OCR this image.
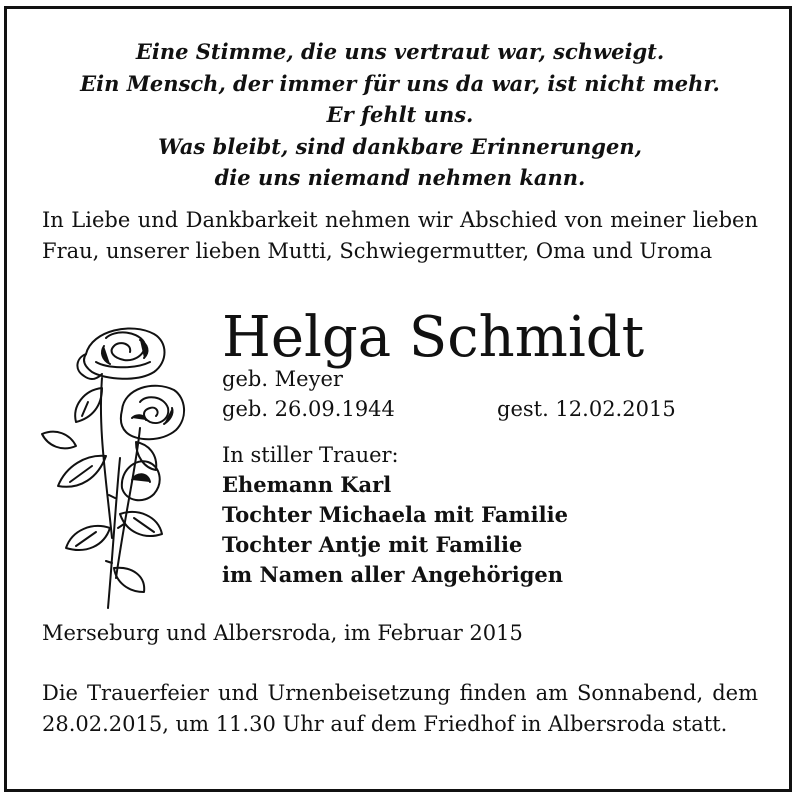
Eine Stimme, die uns vertraut war, schweigt.
Ein Mensch, der immer für uns da war, ist nicht mehr.
Er fehlt uns.
Was bleibt, sind dankbare Erinnerungen,
die uns niemand nehmen kann.
In Liebe und Dankbarkeit nehmen wir Abschied von meiner lieben Frau, unserer lieben Mutti, Schwiegermutter, Oma und Uroma
Helga Schmidt
geb. Meyer
geb. 26.09.1944	gest. 12.02.2015
In stiller Trauer:
Ehemann Karl
Tochter Michaela mit Familie
Tochter Antje mit Familie
im Namen aller Angehörigen
Merseburg und Albersroda, im Februar 2015
Die Trauerfeier und Urnenbeisetzung finden am Sonnabend, dem 28.02.2015, um 11.30 Uhr auf dem Friedhof in Albersroda statt.
